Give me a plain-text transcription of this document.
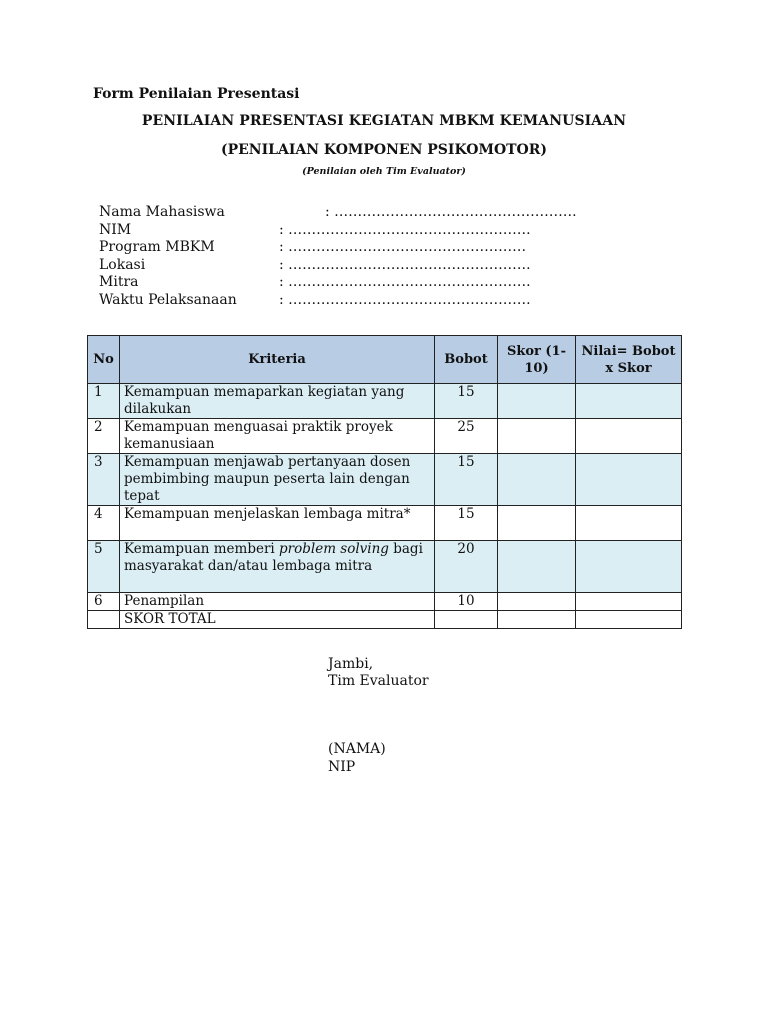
Form Penilaian Presentasi
PENILAIAN PRESENTASI KEGIATAN MBKM KEMANUSIAAN
(PENILAIAN KOMPONEN PSIKOMOTOR)
(Penilaian oleh Tim Evaluator)
Nama Mahasiswa	: …………………………………………….
NIM	: …………………………………………….
Program MBKM	: ……………………………………………
Lokasi	: …………………………………………….
Mitra	: …………………………………………….
Waktu Pelaksanaan	: …………………………………………….
No	Kriteria	Bobot	Skor (1-10)	Nilai= Bobot x Skor
1	Kemampuan memaparkan kegiatan yang dilakukan	15		
2	Kemampuan menguasai praktik proyek kemanusiaan	25		
3	Kemampuan menjawab pertanyaan dosen pembimbing maupun peserta lain dengan tepat	15		
4	Kemampuan menjelaskan lembaga mitra*	15		
5	Kemampuan memberi problem solving bagi masyarakat dan/atau lembaga mitra	20		
6	Penampilan	10		
	SKOR TOTAL			
Jambi,
Tim Evaluator
(NAMA)
NIP
